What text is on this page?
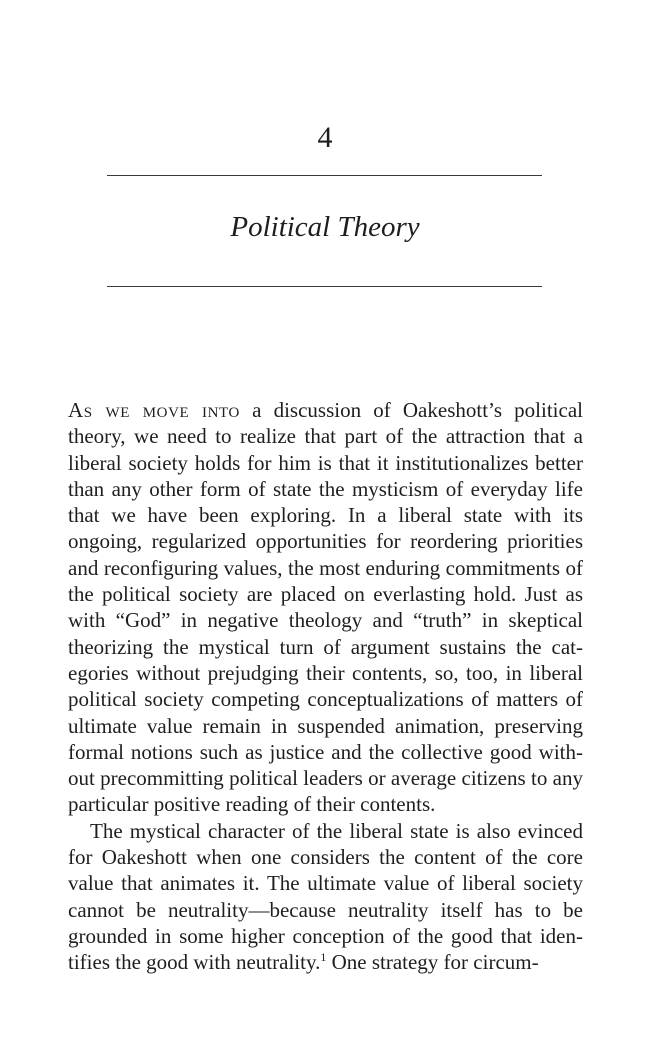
4
Political Theory

As we move into a discussion of Oakeshott’s political theory, we need to realize that part of the attraction that a liberal society holds for him is that it institutionalizes better than any other form of state the mysticism of everyday life that we have been exploring. In a liberal state with its ongoing, regularized opportunities for reordering priorities and reconfiguring values, the most enduring commitments of the political society are placed on everlasting hold. Just as with “God” in negative theology and “truth” in skeptical theorizing the mystical turn of argument sustains the categories without prejudging their contents, so, too, in liberal political society competing conceptualizations of matters of ultimate value remain in suspended animation, preserving formal notions such as justice and the collective good without precommitting political leaders or average citizens to any particular positive reading of their contents.

The mystical character of the liberal state is also evinced for Oakeshott when one considers the content of the core value that animates it. The ultimate value of liberal society cannot be neutrality—because neutrality itself has to be grounded in some higher conception of the good that identifies the good with neutrality.$^1$ One strategy for circum-
